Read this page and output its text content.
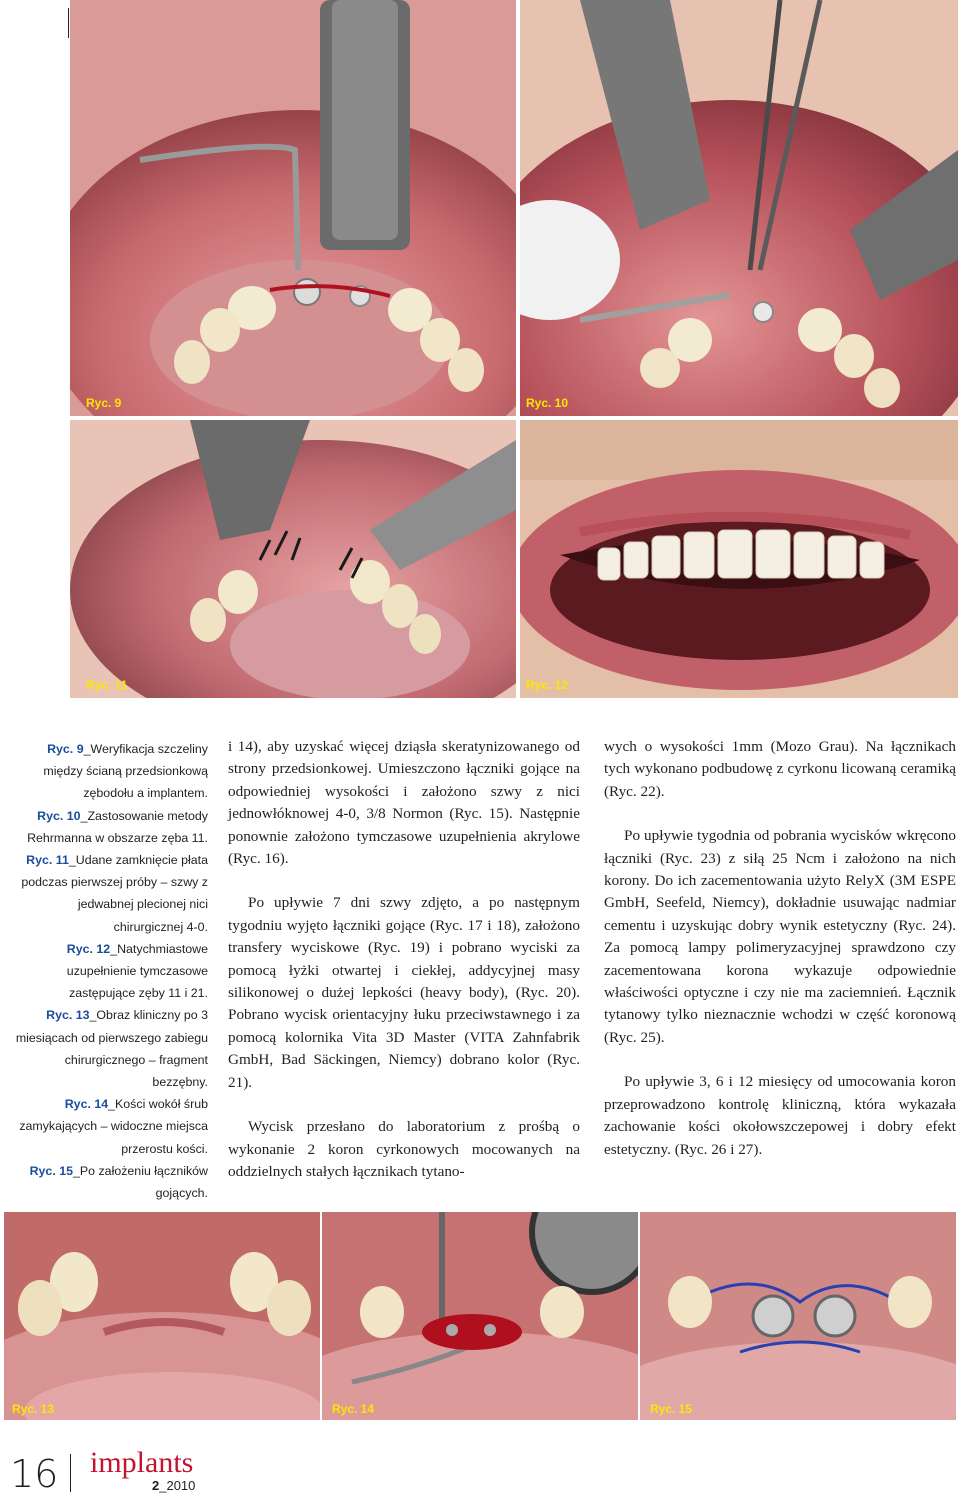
Ryc. 9	Ryc. 10
Ryc. 11	Ryc. 12

Ryc. 9_Weryfikacja szczeliny między ścianą przedsionkową zębodołu a implantem.

Ryc. 10_Zastosowanie metody Rehrmanna w obszarze zęba 11.

Ryc. 11_Udane zamknięcie płata podczas pierwszej próby – szwy z jedwabnej plecionej nici chirurgicznej 4-0.

Ryc. 12_Natychmiastowe uzupełnienie tymczasowe zastępujące zęby 11 i 21.

Ryc. 13_Obraz kliniczny po 3 miesiącach od pierwszego zabiegu chirurgicznego – fragment bezzębny.

Ryc. 14_Kości wokół śrub zamykających – widoczne miejsca przerostu kości.

Ryc. 15_Po założeniu łączników gojących.

i 14), aby uzyskać więcej dziąsła skeratynizowanego od strony przedsionkowej. Umieszczono łączniki gojące na odpowiedniej wysokości i założono szwy z nici jednowłóknowej 4-0, 3/8 Normon (Ryc. 15). Następnie ponownie założono tymczasowe uzupełnienia akrylowe (Ryc. 16).

Po upływie 7 dni szwy zdjęto, a po następnym tygodniu wyjęto łączniki gojące (Ryc. 17 i 18), założono transfery wyciskowe (Ryc. 19) i pobrano wyciski za pomocą łyżki otwartej i ciekłej, addycyjnej masy silikonowej o dużej lepkości (heavy body), (Ryc. 20). Pobrano wycisk orientacyjny łuku przeciwstawnego i za pomocą kolornika Vita 3D Master (VITA Zahnfabrik GmbH, Bad Säckingen, Niemcy) dobrano kolor (Ryc. 21).

Wycisk przesłano do laboratorium z prośbą o wykonanie 2 koron cyrkonowych mocowanych na oddzielnych stałych łącznikach tytano-

wych o wysokości 1mm (Mozo Grau). Na łącznikach tych wykonano podbudowę z cyrkonu licowaną ceramiką (Ryc. 22).

Po upływie tygodnia od pobrania wycisków wkręcono łączniki (Ryc. 23) z siłą 25 Ncm i założono na nich korony. Do ich zacementowania użyto RelyX (3M ESPE GmbH, Seefeld, Niemcy), dokładnie usuwając nadmiar cementu i uzyskując dobry wynik estetyczny (Ryc. 24). Za pomocą lampy polimeryzacyjnej sprawdzono czy zacementowana korona wykazuje odpowiednie właściwości optyczne i czy nie ma zaciemnień. Łącznik tytanowy tylko nieznacznie wchodzi w część koronową (Ryc. 25).

Po upływie 3, 6 i 12 miesięcy od umocowania koron przeprowadzono kontrolę kliniczną, która wykazała zachowanie kości okołowszczepowej i dobry efekt estetyczny. (Ryc. 26 i 27).

Ryc. 13	Ryc. 14	Ryc. 15
16 implants
2_2010
